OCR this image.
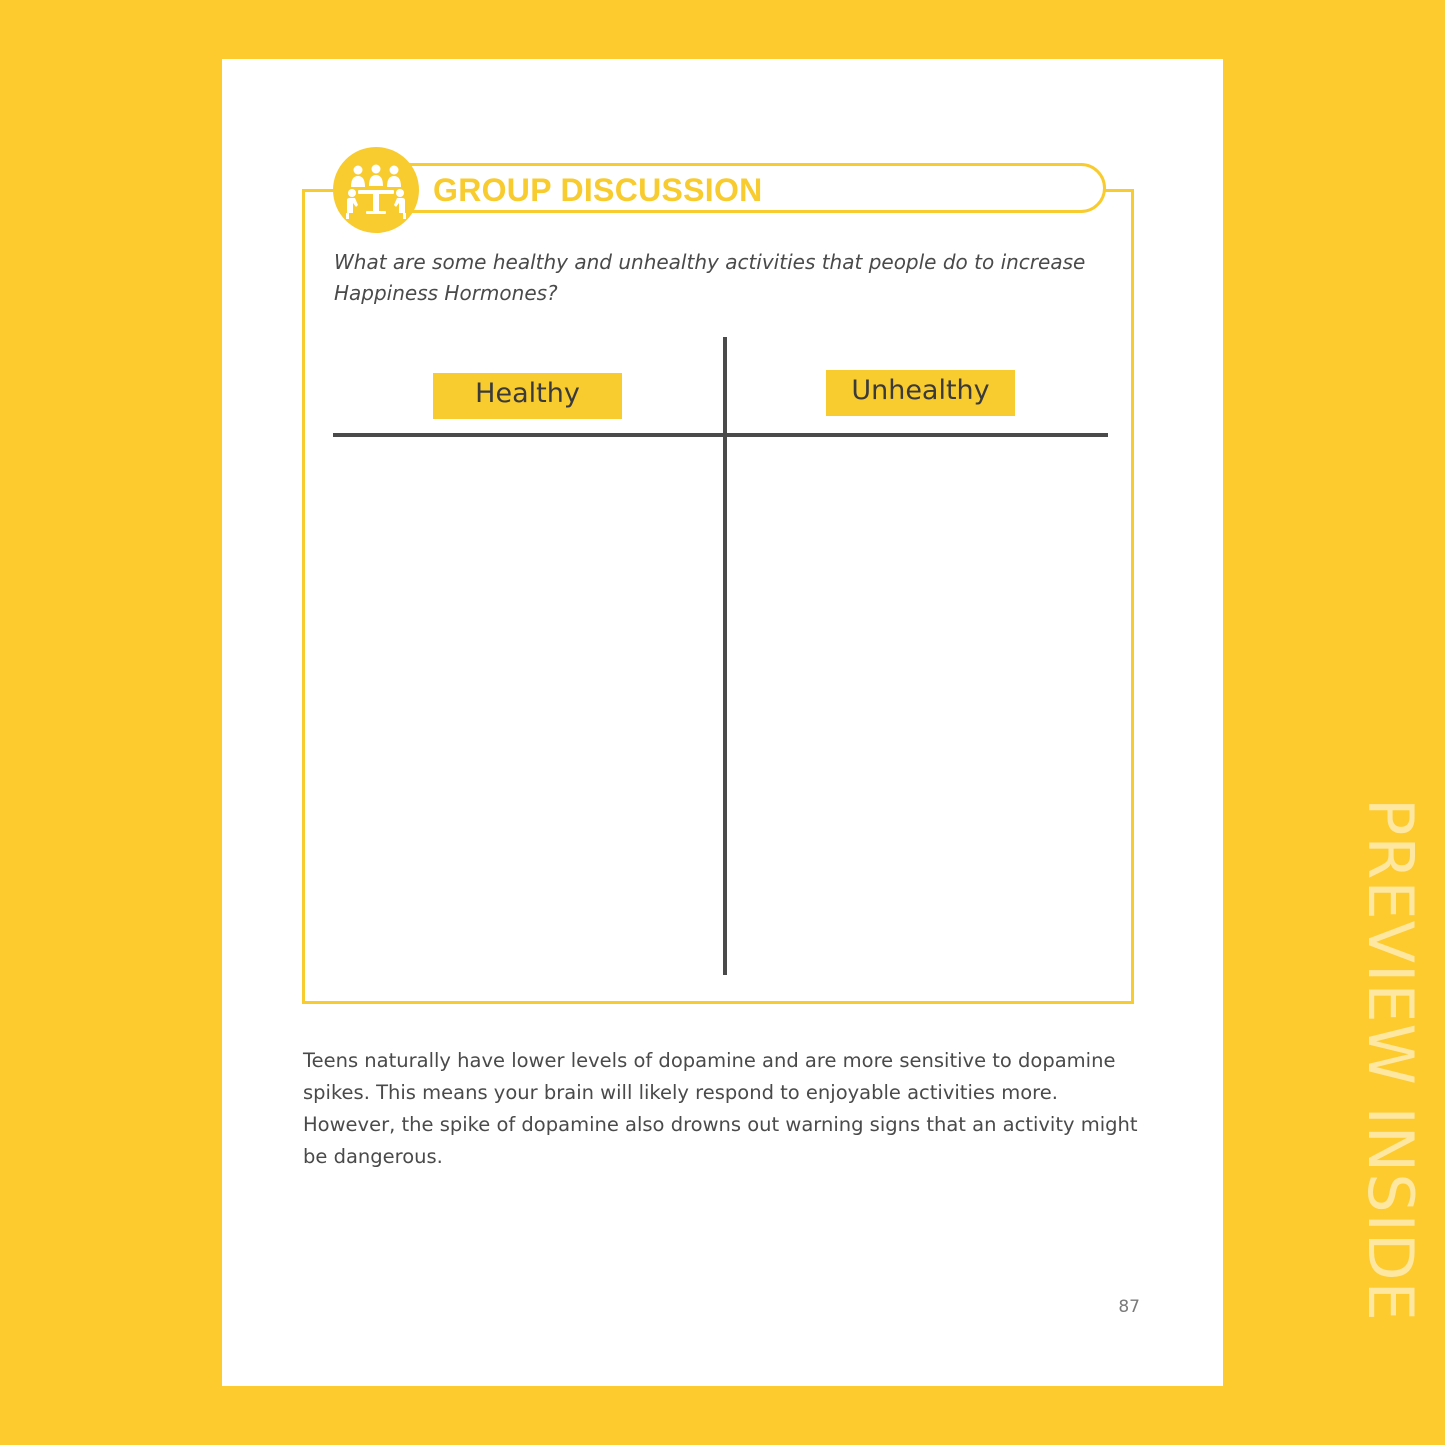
GROUP DISCUSSION
What are some healthy and unhealthy activities that people do to increase Happiness Hormones?
Healthy	Unhealthy
Teens naturally have lower levels of dopamine and are more sensitive to dopamine spikes. This means your brain will likely respond to enjoyable activities more. However, the spike of dopamine also drowns out warning signs that an activity might be dangerous.
87	PREVIEW INSIDE
